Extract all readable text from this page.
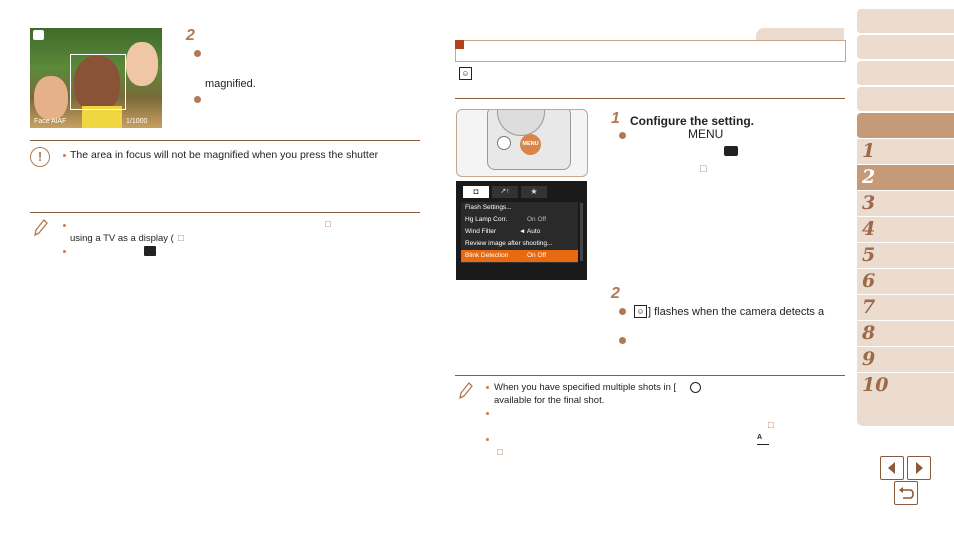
Face AiAF	1/1000
2
magnified.
!	The area in focus will not be magnified when you press the shutter
□
using a TV as a display ( □
☺
MENU
◘	↗↑	★
Flash Settings...
Hg Lamp Corr.	On Off
Wind Filter	◄ Auto
Review image after shooting...
Blink Detection	On Off
1 Configure the setting.
MENU
□
2
☺ ] flashes when the camera detects a
When you have specified multiple shots in [
available for the final shot.
□
A
□
1
2
3
4
5
6
7
8
9
10
